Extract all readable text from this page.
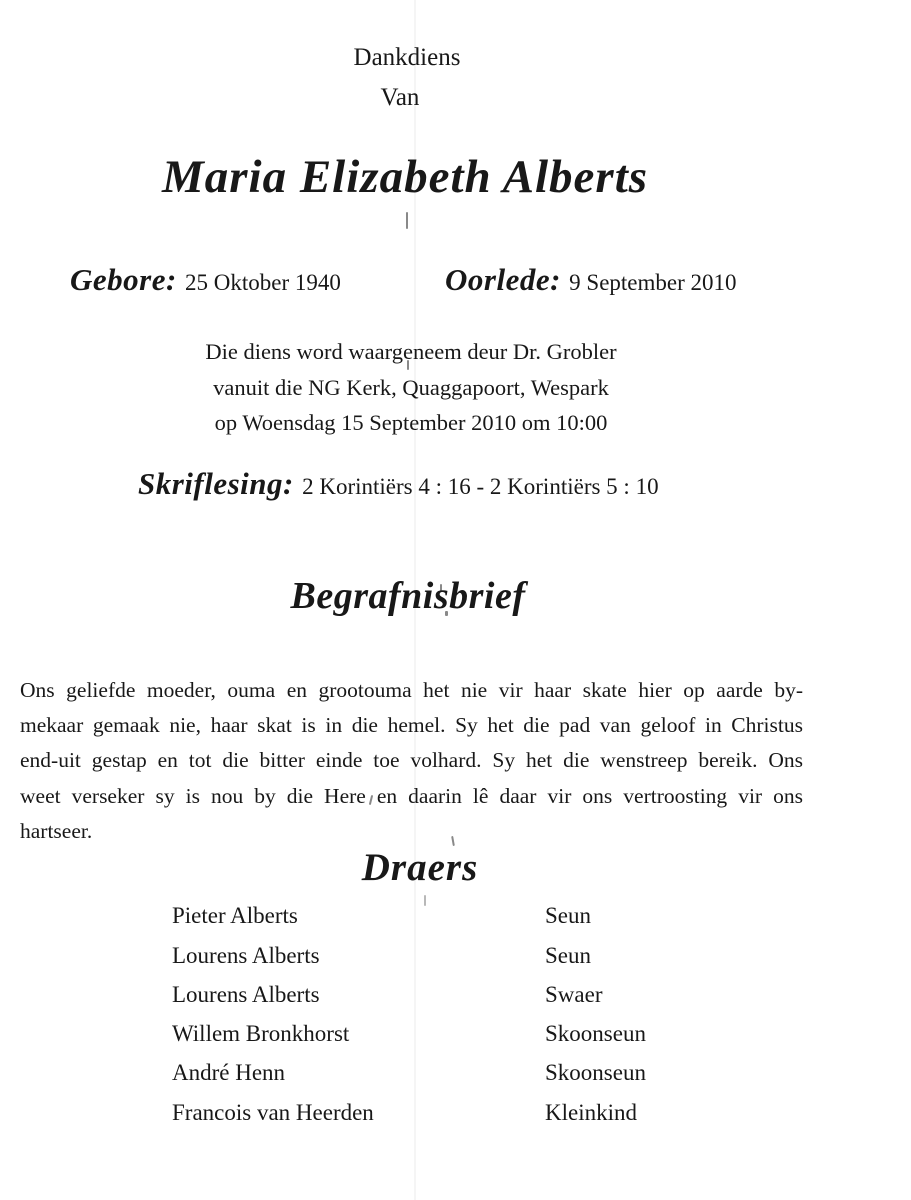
Dankdiens
Van
Maria Elizabeth Alberts
Gebore: 25 Oktober 1940	Oorlede: 9 September 2010
Die diens word waargeneem deur Dr. Grobler
vanuit die NG Kerk, Quaggapoort, Wespark
op Woensdag 15 September 2010 om 10:00
Skriflesing: 2 Korintiërs 4 : 16 - 2 Korintiërs 5 : 10
Begrafnisbrief
Ons geliefde moeder, ouma en grootouma het nie vir haar skate hier op aarde by-
mekaar gemaak nie, haar skat is in die hemel. Sy het die pad van geloof in Christus
end-uit gestap en tot die bitter einde toe volhard. Sy het die wenstreep bereik. Ons
weet verseker sy is nou by die Here en daarin lê daar vir ons vertroosting vir ons
hartseer.
Draers
Pieter Alberts	Seun
Lourens Alberts	Seun
Lourens Alberts	Swaer
Willem Bronkhorst	Skoonseun
André Henn	Skoonseun
Francois van Heerden	Kleinkind
